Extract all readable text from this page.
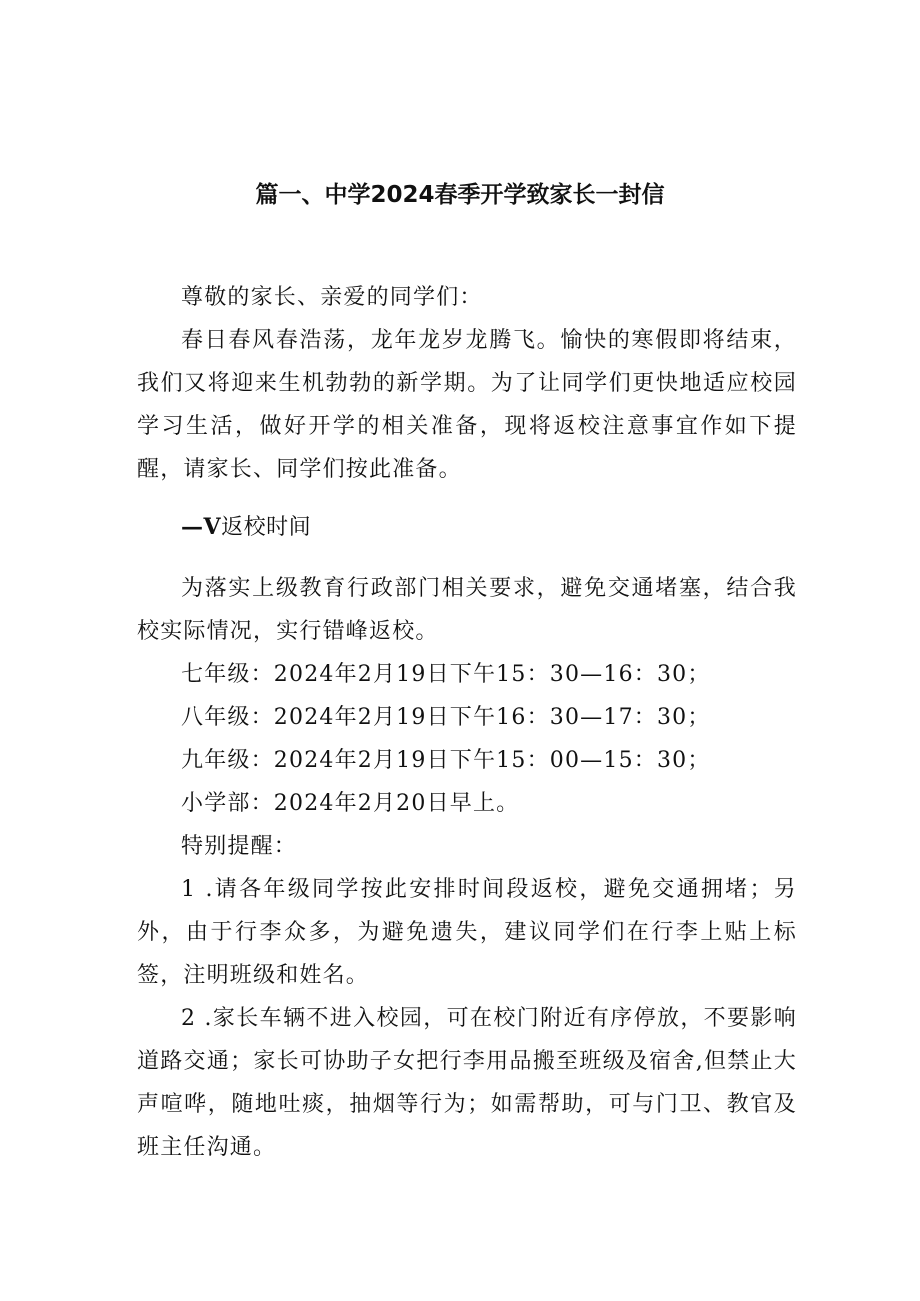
篇一、中学2024春季开学致家长一封信

尊敬的家长、亲爱的同学们：

春日春风春浩荡，龙年龙岁龙腾飞。愉快的寒假即将结束，我们又将迎来生机勃勃的新学期。为了让同学们更快地适应校园学习生活，做好开学的相关准备，现将返校注意事宜作如下提醒，请家长、同学们按此准备。

—V返校时间

为落实上级教育行政部门相关要求，避免交通堵塞，结合我校实际情况，实行错峰返校。

七年级：2024年2月19日下午15：30—16：30；

八年级：2024年2月19日下午16：30—17：30；

九年级：2024年2月19日下午15：00—15：30；

小学部：2024年2月20日早上。

特别提醒：

1 .请各年级同学按此安排时间段返校，避免交通拥堵；另外，由于行李众多，为避免遗失，建议同学们在行李上贴上标签，注明班级和姓名。

2 .家长车辆不进入校园，可在校门附近有序停放，不要影响道路交通；家长可协助子女把行李用品搬至班级及宿舍,但禁止大声喧哗，随地吐痰，抽烟等行为；如需帮助，可与门卫、教官及班主任沟通。
